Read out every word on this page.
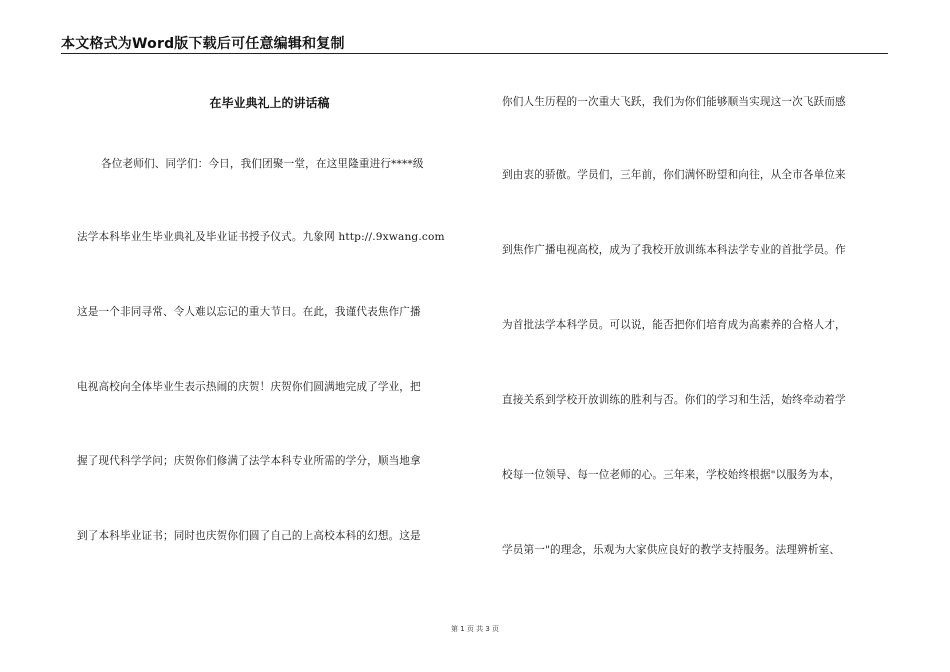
本文格式为Word版下载后可任意编辑和复制
在毕业典礼上的讲话稿
各位老师们、同学们：今日，我们团聚一堂，在这里隆重进行****级
法学本科毕业生毕业典礼及毕业证书授予仪式。九象网 http://.9xwang.com
这是一个非同寻常、令人难以忘记的重大节日。在此，我谨代表焦作广播
电视高校向全体毕业生表示热闹的庆贺！庆贺你们圆满地完成了学业，把
握了现代科学学问；庆贺你们修满了法学本科专业所需的学分，顺当地拿
到了本科毕业证书；同时也庆贺你们圆了自己的上高校本科的幻想。这是
你们人生历程的一次重大飞跃，我们为你们能够顺当实现这一次飞跃而感
到由衷的骄傲。学员们，三年前，你们满怀盼望和向往，从全市各单位来
到焦作广播电视高校，成为了我校开放训练本科法学专业的首批学员。作
为首批法学本科学员。可以说，能否把你们培育成为高素养的合格人才，
直接关系到学校开放训练的胜利与否。你们的学习和生活，始终牵动着学
校每一位领导、每一位老师的心。三年来，学校始终根据"以服务为本，
学员第一"的理念，乐观为大家供应良好的教学支持服务。法理辨析室、
第 1 页 共 3 页
